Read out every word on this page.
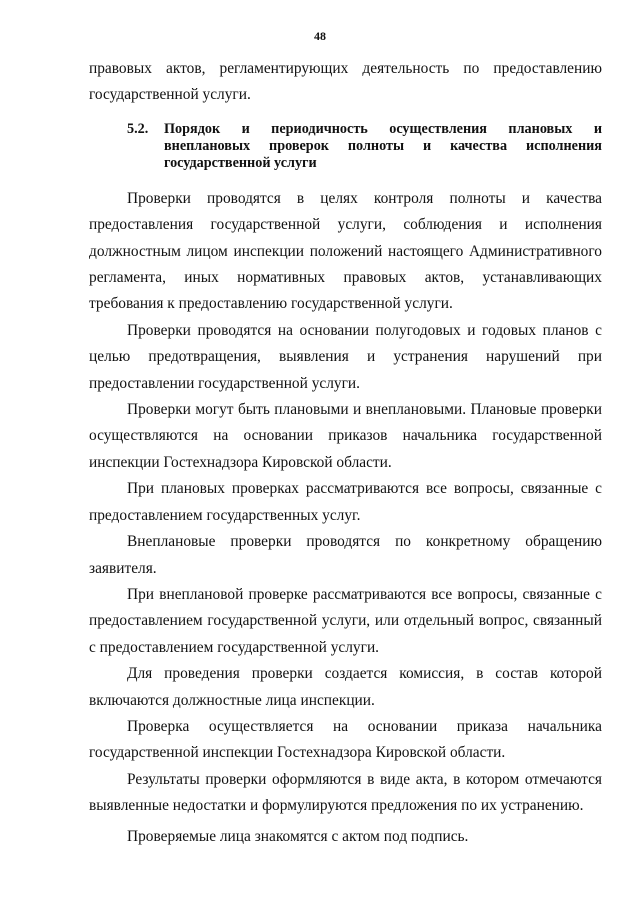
48

правовых актов, регламентирующих деятельность по предоставлению государственной услуги.

5.2.	Порядок и периодичность осуществления плановых и внеплановых проверок полноты и качества исполнения государственной услуги

Проверки проводятся в целях контроля полноты и качества предоставления государственной услуги, соблюдения и исполнения должностным лицом инспекции положений настоящего Административного регламента, иных нормативных правовых актов, устанавливающих требования к предоставлению государственной услуги.

Проверки проводятся на основании полугодовых и годовых планов с целью предотвращения, выявления и устранения нарушений при предоставлении государственной услуги.

Проверки могут быть плановыми и внеплановыми. Плановые проверки осуществляются на основании приказов начальника государственной инспекции Гостехнадзора Кировской области.

При плановых проверках рассматриваются все вопросы, связанные с предоставлением государственных услуг.

Внеплановые проверки проводятся по конкретному обращению заявителя.

При внеплановой проверке рассматриваются все вопросы, связанные с предоставлением государственной услуги, или отдельный вопрос, связанный с предоставлением государственной услуги.

Для проведения проверки создается комиссия, в состав которой включаются должностные лица инспекции.

Проверка осуществляется на основании приказа начальника государственной инспекции Гостехнадзора Кировской области.

Результаты проверки оформляются в виде акта, в котором отмечаются выявленные недостатки и формулируются предложения по их устранению.

Проверяемые лица знакомятся с актом под подпись.
